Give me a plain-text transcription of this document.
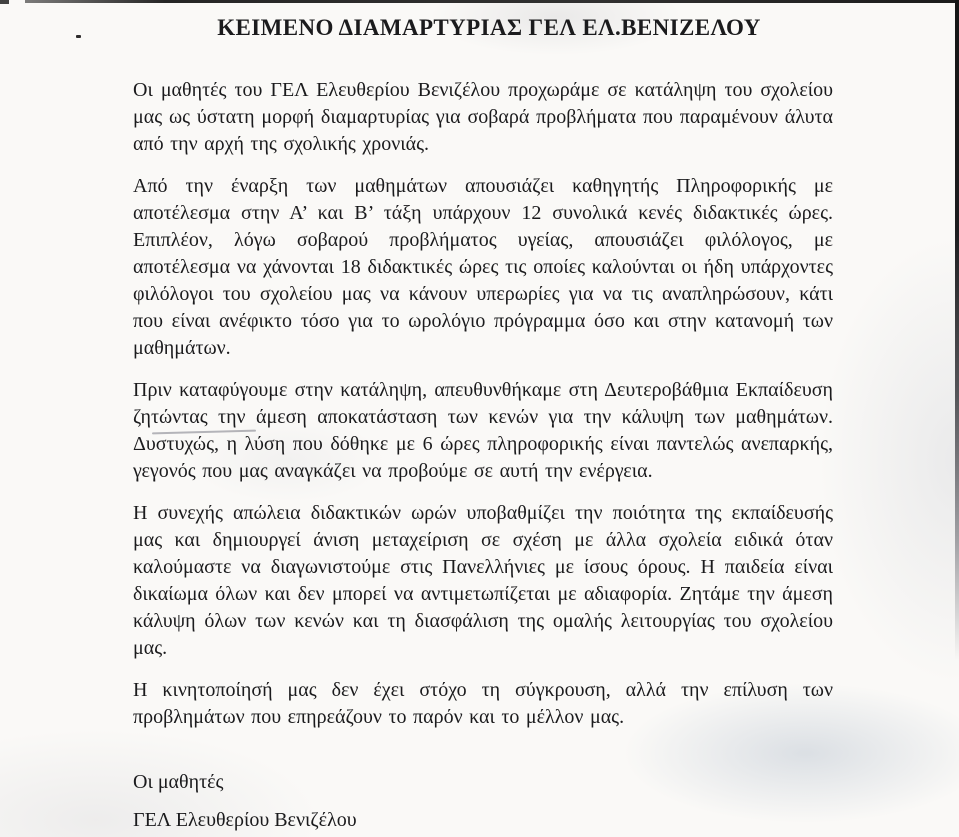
ΚΕΙΜΕΝΟ ΔΙΑΜΑΡΤΥΡΙΑΣ ΓΕΛ ΕΛ.ΒΕΝΙΖΕΛΟΥ

Οι μαθητές του ΓΕΛ Ελευθερίου Βενιζέλου προχωράμε σε κατάληψη του σχολείου μας ως ύστατη μορφή διαμαρτυρίας για σοβαρά προβλήματα που παραμένουν άλυτα από την αρχή της σχολικής χρονιάς.

Από την έναρξη των μαθημάτων απουσιάζει καθηγητής Πληροφορικής με αποτέλεσμα στην Α’ και Β’ τάξη υπάρχουν 12 συνολικά κενές διδακτικές ώρες. Επιπλέον, λόγω σοβαρού προβλήματος υγείας, απουσιάζει φιλόλογος, με αποτέλεσμα να χάνονται 18 διδακτικές ώρες τις οποίες καλούνται οι ήδη υπάρχοντες φιλόλογοι του σχολείου μας να κάνουν υπερωρίες για να τις αναπληρώσουν, κάτι που είναι ανέφικτο τόσο για το ωρολόγιο πρόγραμμα όσο και στην κατανομή των μαθημάτων.

Πριν καταφύγουμε στην κατάληψη, απευθυνθήκαμε στη Δευτεροβάθμια Εκπαίδευση ζητώντας την άμεση αποκατάσταση των κενών για την κάλυψη των μαθημάτων. Δυστυχώς, η λύση που δόθηκε με 6 ώρες πληροφορικής είναι παντελώς ανεπαρκής, γεγονός που μας αναγκάζει να προβούμε σε αυτή την ενέργεια.

Η συνεχής απώλεια διδακτικών ωρών υποβαθμίζει την ποιότητα της εκπαίδευσής μας και δημιουργεί άνιση μεταχείριση σε σχέση με άλλα σχολεία ειδικά όταν καλούμαστε να διαγωνιστούμε στις Πανελλήνιες με ίσους όρους. Η παιδεία είναι δικαίωμα όλων και δεν μπορεί να αντιμετωπίζεται με αδιαφορία. Ζητάμε την άμεση κάλυψη όλων των κενών και τη διασφάλιση της ομαλής λειτουργίας του σχολείου μας.

Η κινητοποίησή μας δεν έχει στόχο τη σύγκρουση, αλλά την επίλυση των προβλημάτων που επηρεάζουν το παρόν και το μέλλον μας.

Οι μαθητές

ΓΕΛ Ελευθερίου Βενιζέλου
